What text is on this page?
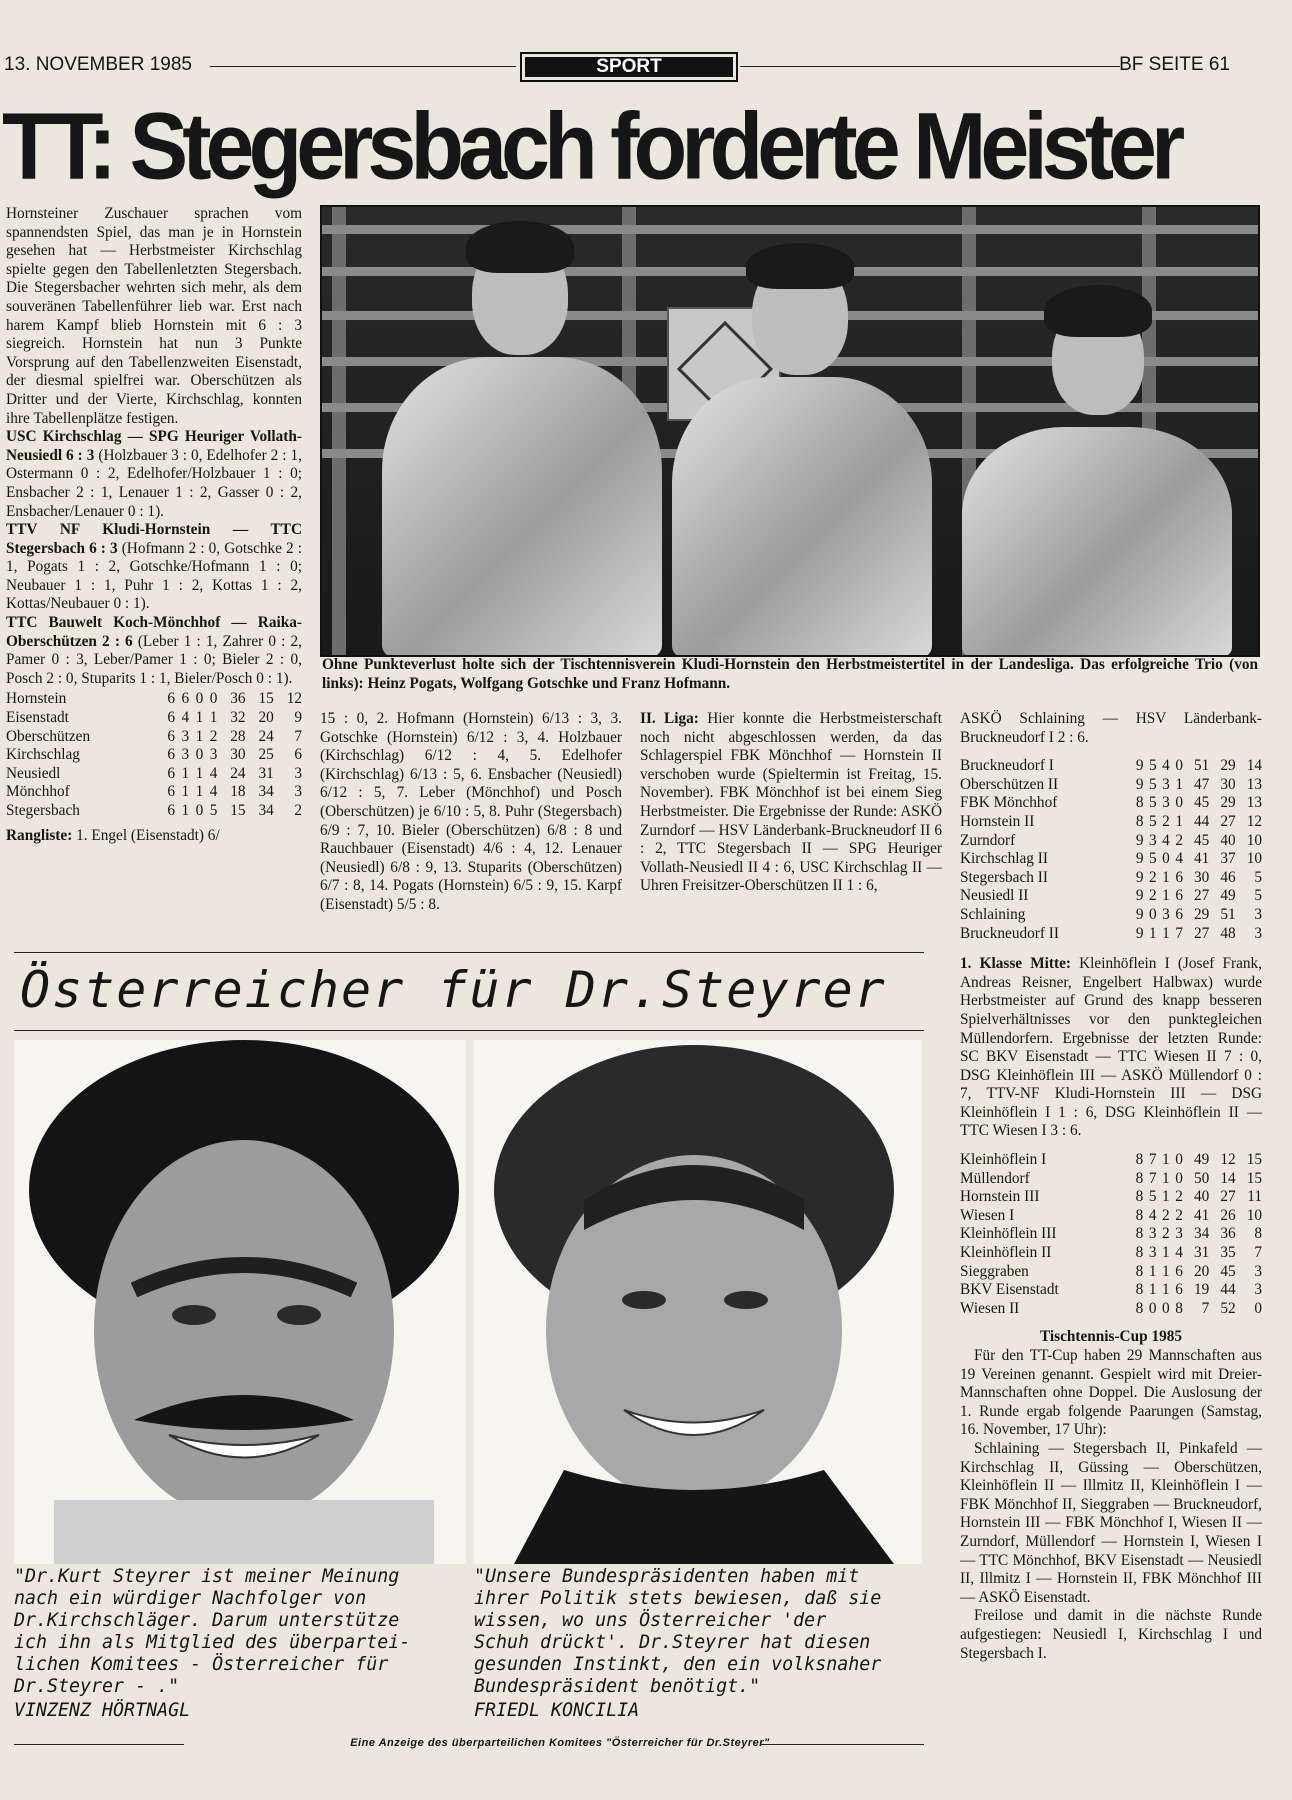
13. NOVEMBER 1985	SPORT	BF SEITE 61
TT: Stegersbach forderte Meister

Hornsteiner Zuschauer sprachen vom spannendsten Spiel, das man je in Hornstein gesehen hat — Herbstmeister Kirchschlag spielte gegen den Tabellenletzten Stegersbach. Die Stegersbacher wehrten sich mehr, als dem souveränen Tabellenführer lieb war. Erst nach harem Kampf blieb Hornstein mit 6 : 3 siegreich. Hornstein hat nun 3 Punkte Vorsprung auf den Tabellenzweiten Eisenstadt, der diesmal spielfrei war. Oberschützen als Dritter und der Vierte, Kirchschlag, konnten ihre Tabellenplätze festigen.

USC Kirchschlag — SPG Heuriger Vollath-Neusiedl 6 : 3 (Holzbauer 3 : 0, Edelhofer 2 : 1, Ostermann 0 : 2, Edelhofer/Holzbauer 1 : 0; Ensbacher 2 : 1, Lenauer 1 : 2, Gasser 0 : 2, Ensbacher/Lenauer 0 : 1).

TTV NF Kludi-Hornstein — TTC Stegersbach 6 : 3 (Hofmann 2 : 0, Gotschke 2 : 1, Pogats 1 : 2, Gotschke/Hofmann 1 : 0; Neubauer 1 : 1, Puhr 1 : 2, Kottas 1 : 2, Kottas/Neubauer 0 : 1).

TTC Bauwelt Koch-Mönchhof — Raika-Oberschützen 2 : 6 (Leber 1 : 1, Zahrer 0 : 2, Pamer 0 : 3, Leber/Pamer 1 : 0; Bieler 2 : 0, Posch 2 : 0, Stuparits 1 : 1, Bieler/Posch 0 : 1).

Hornstein	6	6	0	0	36	15	12
Eisenstadt	6	4	1	1	32	20	9
Oberschützen	6	3	1	2	28	24	7
Kirchschlag	6	3	0	3	30	25	6
Neusiedl	6	1	1	4	24	31	3
Mönchhof	6	1	1	4	18	34	3
Stegersbach	6	1	0	5	15	34	2

Rangliste: 1. Engel (Eisenstadt) 6/

Ohne Punkteverlust holte sich der Tischtennisverein Kludi-Hornstein den Herbstmeistertitel in der Landesliga. Das erfolgreiche Trio (von links): Heinz Pogats, Wolfgang Gotschke und Franz Hofmann.

15 : 0, 2. Hofmann (Hornstein) 6/13 : 3, 3. Gotschke (Hornstein) 6/12 : 3, 4. Holzbauer (Kirchschlag) 6/12 : 4, 5. Edelhofer (Kirchschlag) 6/13 : 5, 6. Ensbacher (Neusiedl) 6/12 : 5, 7. Leber (Mönchhof) und Posch (Oberschützen) je 6/10 : 5, 8. Puhr (Stegersbach) 6/9 : 7, 10. Bieler (Oberschützen) 6/8 : 8 und Rauchbauer (Eisenstadt) 4/6 : 4, 12. Lenauer (Neusiedl) 6/8 : 9, 13. Stuparits (Oberschützen) 6/7 : 8, 14. Pogats (Hornstein) 6/5 : 9, 15. Karpf (Eisenstadt) 5/5 : 8.

II. Liga: Hier konnte die Herbstmeisterschaft noch nicht abgeschlossen werden, da das Schlagerspiel FBK Mönchhof — Hornstein II verschoben wurde (Spieltermin ist Freitag, 15. November). FBK Mönchhof ist bei einem Sieg Herbstmeister. Die Ergebnisse der Runde: ASKÖ Zurndorf — HSV Länderbank-Bruckneudorf II 6 : 2, TTC Stegersbach II — SPG Heuriger Vollath-Neusiedl II 4 : 6, USC Kirchschlag II — Uhren Freisitzer-Oberschützen II 1 : 6,

ASKÖ Schlaining — HSV Länderbank-Bruckneudorf I 2 : 6.

Bruckneudorf I	9	5	4	0	51	29	14
Oberschützen II	9	5	3	1	47	30	13
FBK Mönchhof	8	5	3	0	45	29	13
Hornstein II	8	5	2	1	44	27	12
Zurndorf	9	3	4	2	45	40	10
Kirchschlag II	9	5	0	4	41	37	10
Stegersbach II	9	2	1	6	30	46	5
Neusiedl II	9	2	1	6	27	49	5
Schlaining	9	0	3	6	29	51	3
Bruckneudorf II	9	1	1	7	27	48	3

1. Klasse Mitte: Kleinhöflein I (Josef Frank, Andreas Reisner, Engelbert Halbwax) wurde Herbstmeister auf Grund des knapp besseren Spielverhältnisses vor den punktegleichen Müllendorfern. Ergebnisse der letzten Runde: SC BKV Eisenstadt — TTC Wiesen II 7 : 0, DSG Kleinhöflein III — ASKÖ Müllendorf 0 : 7, TTV-NF Kludi-Hornstein III — DSG Kleinhöflein I 1 : 6, DSG Kleinhöflein II — TTC Wiesen I 3 : 6.

Kleinhöflein I	8	7	1	0	49	12	15
Müllendorf	8	7	1	0	50	14	15
Hornstein III	8	5	1	2	40	27	11
Wiesen I	8	4	2	2	41	26	10
Kleinhöflein III	8	3	2	3	34	36	8
Kleinhöflein II	8	3	1	4	31	35	7
Sieggraben	8	1	1	6	20	45	3
BKV Eisenstadt	8	1	1	6	19	44	3
Wiesen II	8	0	0	8	7	52	0

Tischtennis-Cup 1985

Für den TT-Cup haben 29 Mannschaften aus 19 Vereinen genannt. Gespielt wird mit Dreier-Mannschaften ohne Doppel. Die Auslosung der 1. Runde ergab folgende Paarungen (Samstag, 16. November, 17 Uhr):

Schlaining — Stegersbach II, Pinkafeld — Kirchschlag II, Güssing — Oberschützen, Kleinhöflein II — Illmitz II, Kleinhöflein I — FBK Mönchhof II, Sieggraben — Bruckneudorf, Hornstein III — FBK Mönchhof I, Wiesen II — Zurndorf, Müllendorf — Hornstein I, Wiesen I — TTC Mönchhof, BKV Eisenstadt — Neusiedl II, Illmitz I — Hornstein II, FBK Mönchhof III — ASKÖ Eisenstadt.

Freilose und damit in die nächste Runde aufgestiegen: Neusiedl I, Kirchschlag I und Stegersbach I.

Österreicher für Dr.Steyrer
"Dr.Kurt Steyrer ist meiner Meinung
nach ein würdiger Nachfolger von
Dr.Kirchschläger. Darum unterstütze
ich ihn als Mitglied des überpartei-
lichen Komitees - Österreicher für
Dr.Steyrer - ."
VINZENZ HÖRTNAGL
"Unsere Bundespräsidenten haben mit
ihrer Politik stets bewiesen, daß sie
wissen, wo uns Österreicher 'der
Schuh drückt'. Dr.Steyrer hat diesen
gesunden Instinkt, den ein volksnaher
Bundespräsident benötigt."
FRIEDL KONCILIA
Eine Anzeige des überparteilichen Komitees "Österreicher für Dr.Steyrer"
